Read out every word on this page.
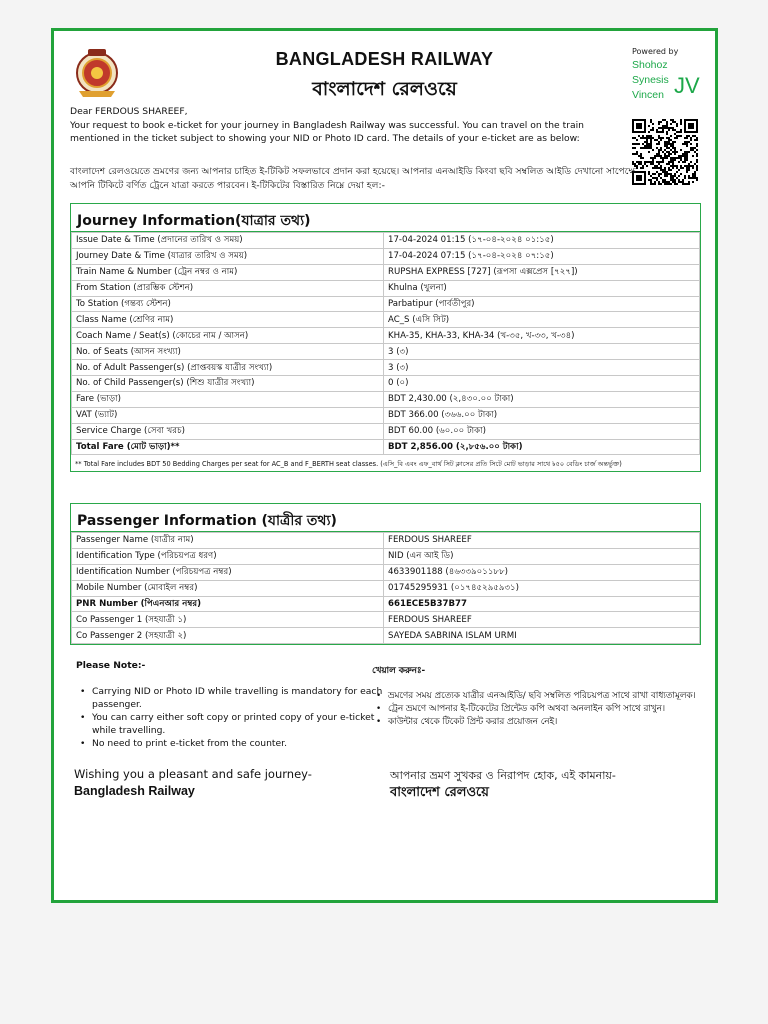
BANGLADESH RAILWAY
বাংলাদেশ রেলওয়ে
Powered by
Shohoz
Synesis
Vincen JV
Dear FERDOUS SHAREEF,
Your request to book e-ticket for your journey in Bangladesh Railway was successful. You can travel on the train mentioned in the ticket subject to showing your NID or Photo ID card. The details of your e-ticket are as below:
বাংলাদেশ রেলওয়েতে ভ্রমণের জন্য আপনার চাহিত ই-টিকিট সফলভাবে প্রদান করা হয়েছে। আপনার এনআইডি কিংবা ছবি সম্বলিত আইডি দেখানো সাপেক্ষে আপনি টিকিটে বর্ণিত ট্রেনে যাত্রা করতে পারবেন। ই-টিকিটের বিস্তারিত নিম্নে দেয়া হল:-
Journey Information(যাত্রার তথ্য)
Issue Date & Time (প্রদানের তারিখ ও সময়)	17-04-2024 01:15 (১৭-০৪-২০২৪ ০১:১৫)
Journey Date & Time (যাত্রার তারিখ ও সময়)	17-04-2024 07:15 (১৭-০৪-২০২৪ ০৭:১৫)
Train Name & Number (ট্রেন নম্বর ও নাম)	RUPSHA EXPRESS [727] (রূপসা এক্সপ্রেস [৭২৭])
From Station (প্রারম্ভিক স্টেশন)	Khulna (খুলনা)
To Station (গন্তব্য স্টেশন)	Parbatipur (পার্বতীপুর)
Class Name (শ্রেণির নাম)	AC_S (এসি সিট)
Coach Name / Seat(s) (কোচের নাম / আসন)	KHA-35, KHA-33, KHA-34 (খ-৩৫, খ-৩৩, খ-৩৪)
No. of Seats (আসন সংখ্যা)	3 (৩)
No. of Adult Passenger(s) (প্রাপ্তবয়স্ক যাত্রীর সংখ্যা)	3 (৩)
No. of Child Passenger(s) (শিশু যাত্রীর সংখ্যা)	0 (০)
Fare (ভাড়া)	BDT 2,430.00 (২,৪৩০.০০ টাকা)
VAT (ভ্যাট)	BDT 366.00 (৩৬৬.০০ টাকা)
Service Charge (সেবা খরচ)	BDT 60.00 (৬০.০০ টাকা)
Total Fare (মোট ভাড়া)**	BDT 2,856.00 (২,৮৫৬.০০ টাকা)
** Total Fare includes BDT 50 Bedding Charges per seat for AC_B and F_BERTH seat classes. (এসি_বি এবং এফ_বার্থ সিট ক্লাসের প্রতি সিটে মোট ভাড়ার সাথে ৳৫০ বেডিং চার্জ অন্তর্ভুক্ত)
Passenger Information (যাত্রীর তথ্য)
Passenger Name (যাত্রীর নাম)	FERDOUS SHAREEF
Identification Type (পরিচয়পত্র ধরণ)	NID (এন আই ডি)
Identification Number (পরিচয়পত্র নম্বর)	4633901188 (৪৬৩৩৯০১১৮৮)
Mobile Number (মোবাইল নম্বর)	01745295931 (০১৭৪৫২৯৫৯৩১)
PNR Number (পিএনআর নম্বর)	661ECE5B37B77
Co Passenger 1 (সহযাত্রী ১)	FERDOUS SHAREEF
Co Passenger 2 (সহযাত্রী ২)	SAYEDA SABRINA ISLAM URMI
Please Note:-
• Carrying NID or Photo ID while travelling is mandatory for each passenger.
• You can carry either soft copy or printed copy of your e-ticket while travelling.
• No need to print e-ticket from the counter.
খেয়াল করুনঃ-
• ভ্রমণের সময় প্রত্যেক যাত্রীর এনআইডি/ ছবি সম্বলিত পরিচয়পত্র সাথে রাখা বাধ্যতামূলক।
• ট্রেন ভ্রমণে আপনার ই-টিকেটের প্রিন্টেড কপি অথবা অনলাইন কপি সাথে রাখুন।
• কাউন্টার থেকে টিকেট প্রিন্ট করার প্রয়োজন নেই।
Wishing you a pleasant and safe journey-
Bangladesh Railway
আপনার ভ্রমণ সুখকর ও নিরাপদ হোক, এই কামনায়-
বাংলাদেশ রেলওয়ে
